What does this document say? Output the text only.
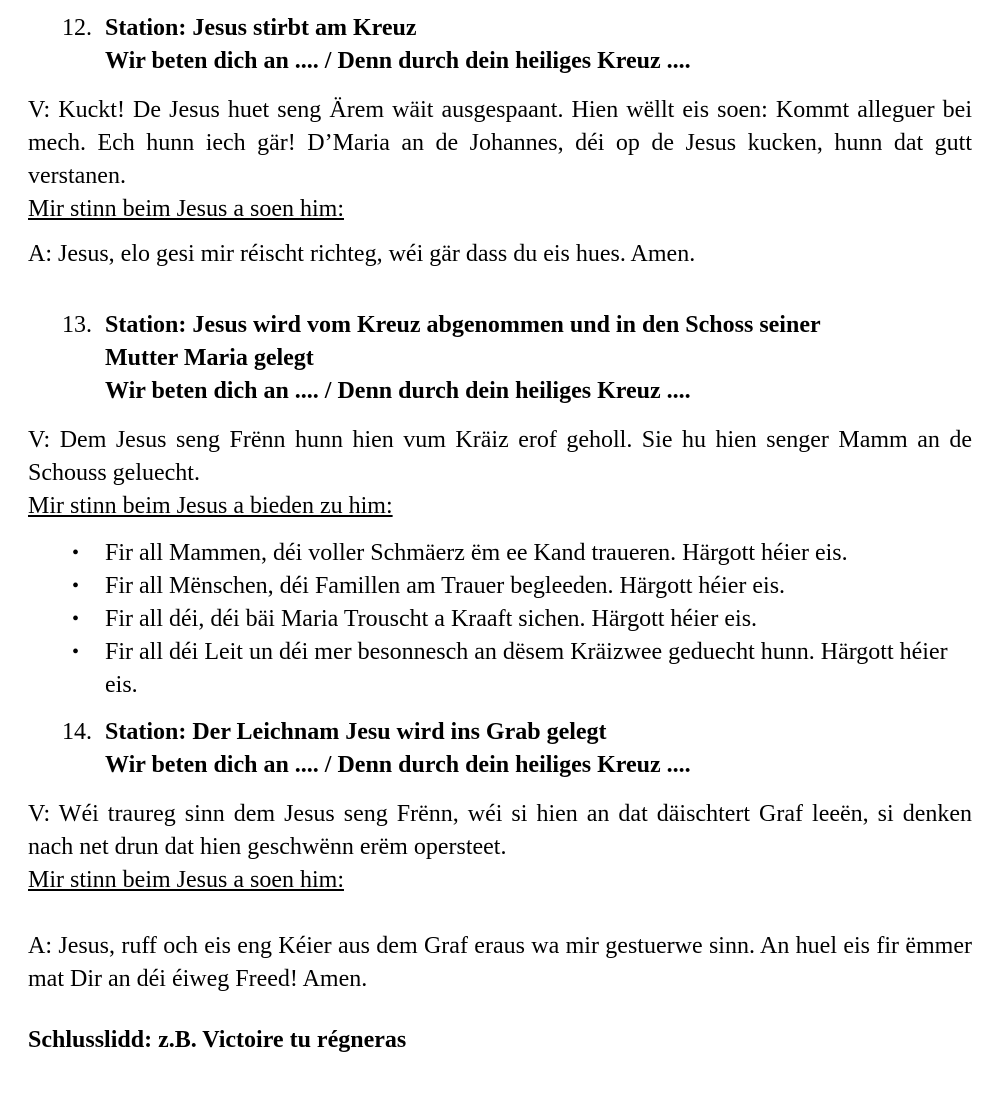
12. Station: Jesus stirbt am Kreuz
Wir beten dich an .... / Denn durch dein heiliges Kreuz ....

V: Kuckt! De Jesus huet seng Ärem wäit ausgespaant. Hien wëllt eis soen: Kommt alleguer bei mech. Ech hunn iech gär! D’Maria an de Johannes, déi op de Jesus kucken, hunn dat gutt verstanen.

Mir stinn beim Jesus a soen him:

A: Jesus, elo gesi mir réischt richteg, wéi gär dass du eis hues. Amen.

13. Station: Jesus wird vom Kreuz abgenommen und in den Schoss seiner
Mutter Maria gelegt
Wir beten dich an .... / Denn durch dein heiliges Kreuz ....

V: Dem Jesus seng Frënn hunn hien vum Kräiz erof geholl. Sie hu hien senger Mamm an de Schouss geluecht.

Mir stinn beim Jesus a bieden zu him:

• Fir all Mammen, déi voller Schmäerz ëm ee Kand traueren. Härgott héier eis.
• Fir all Mënschen, déi Famillen am Trauer begleeden. Härgott héier eis.
• Fir all déi, déi bäi Maria Trouscht a Kraaft sichen. Härgott héier eis.
• Fir all déi Leit un déi mer besonnesch an dësem Kräizwee geduecht hunn. Härgott héier eis.
14. Station: Der Leichnam Jesu wird ins Grab gelegt
Wir beten dich an .... / Denn durch dein heiliges Kreuz ....

V: Wéi traureg sinn dem Jesus seng Frënn, wéi si hien an dat däischtert Graf leeën, si denken nach net drun dat hien geschwënn erëm opersteet.

Mir stinn beim Jesus a soen him:

A: Jesus, ruff och eis eng Kéier aus dem Graf eraus wa mir gestuerwe sinn. An huel eis fir ëmmer mat Dir an déi éiweg Freed! Amen.

Schlusslidd: z.B. Victoire tu régneras
